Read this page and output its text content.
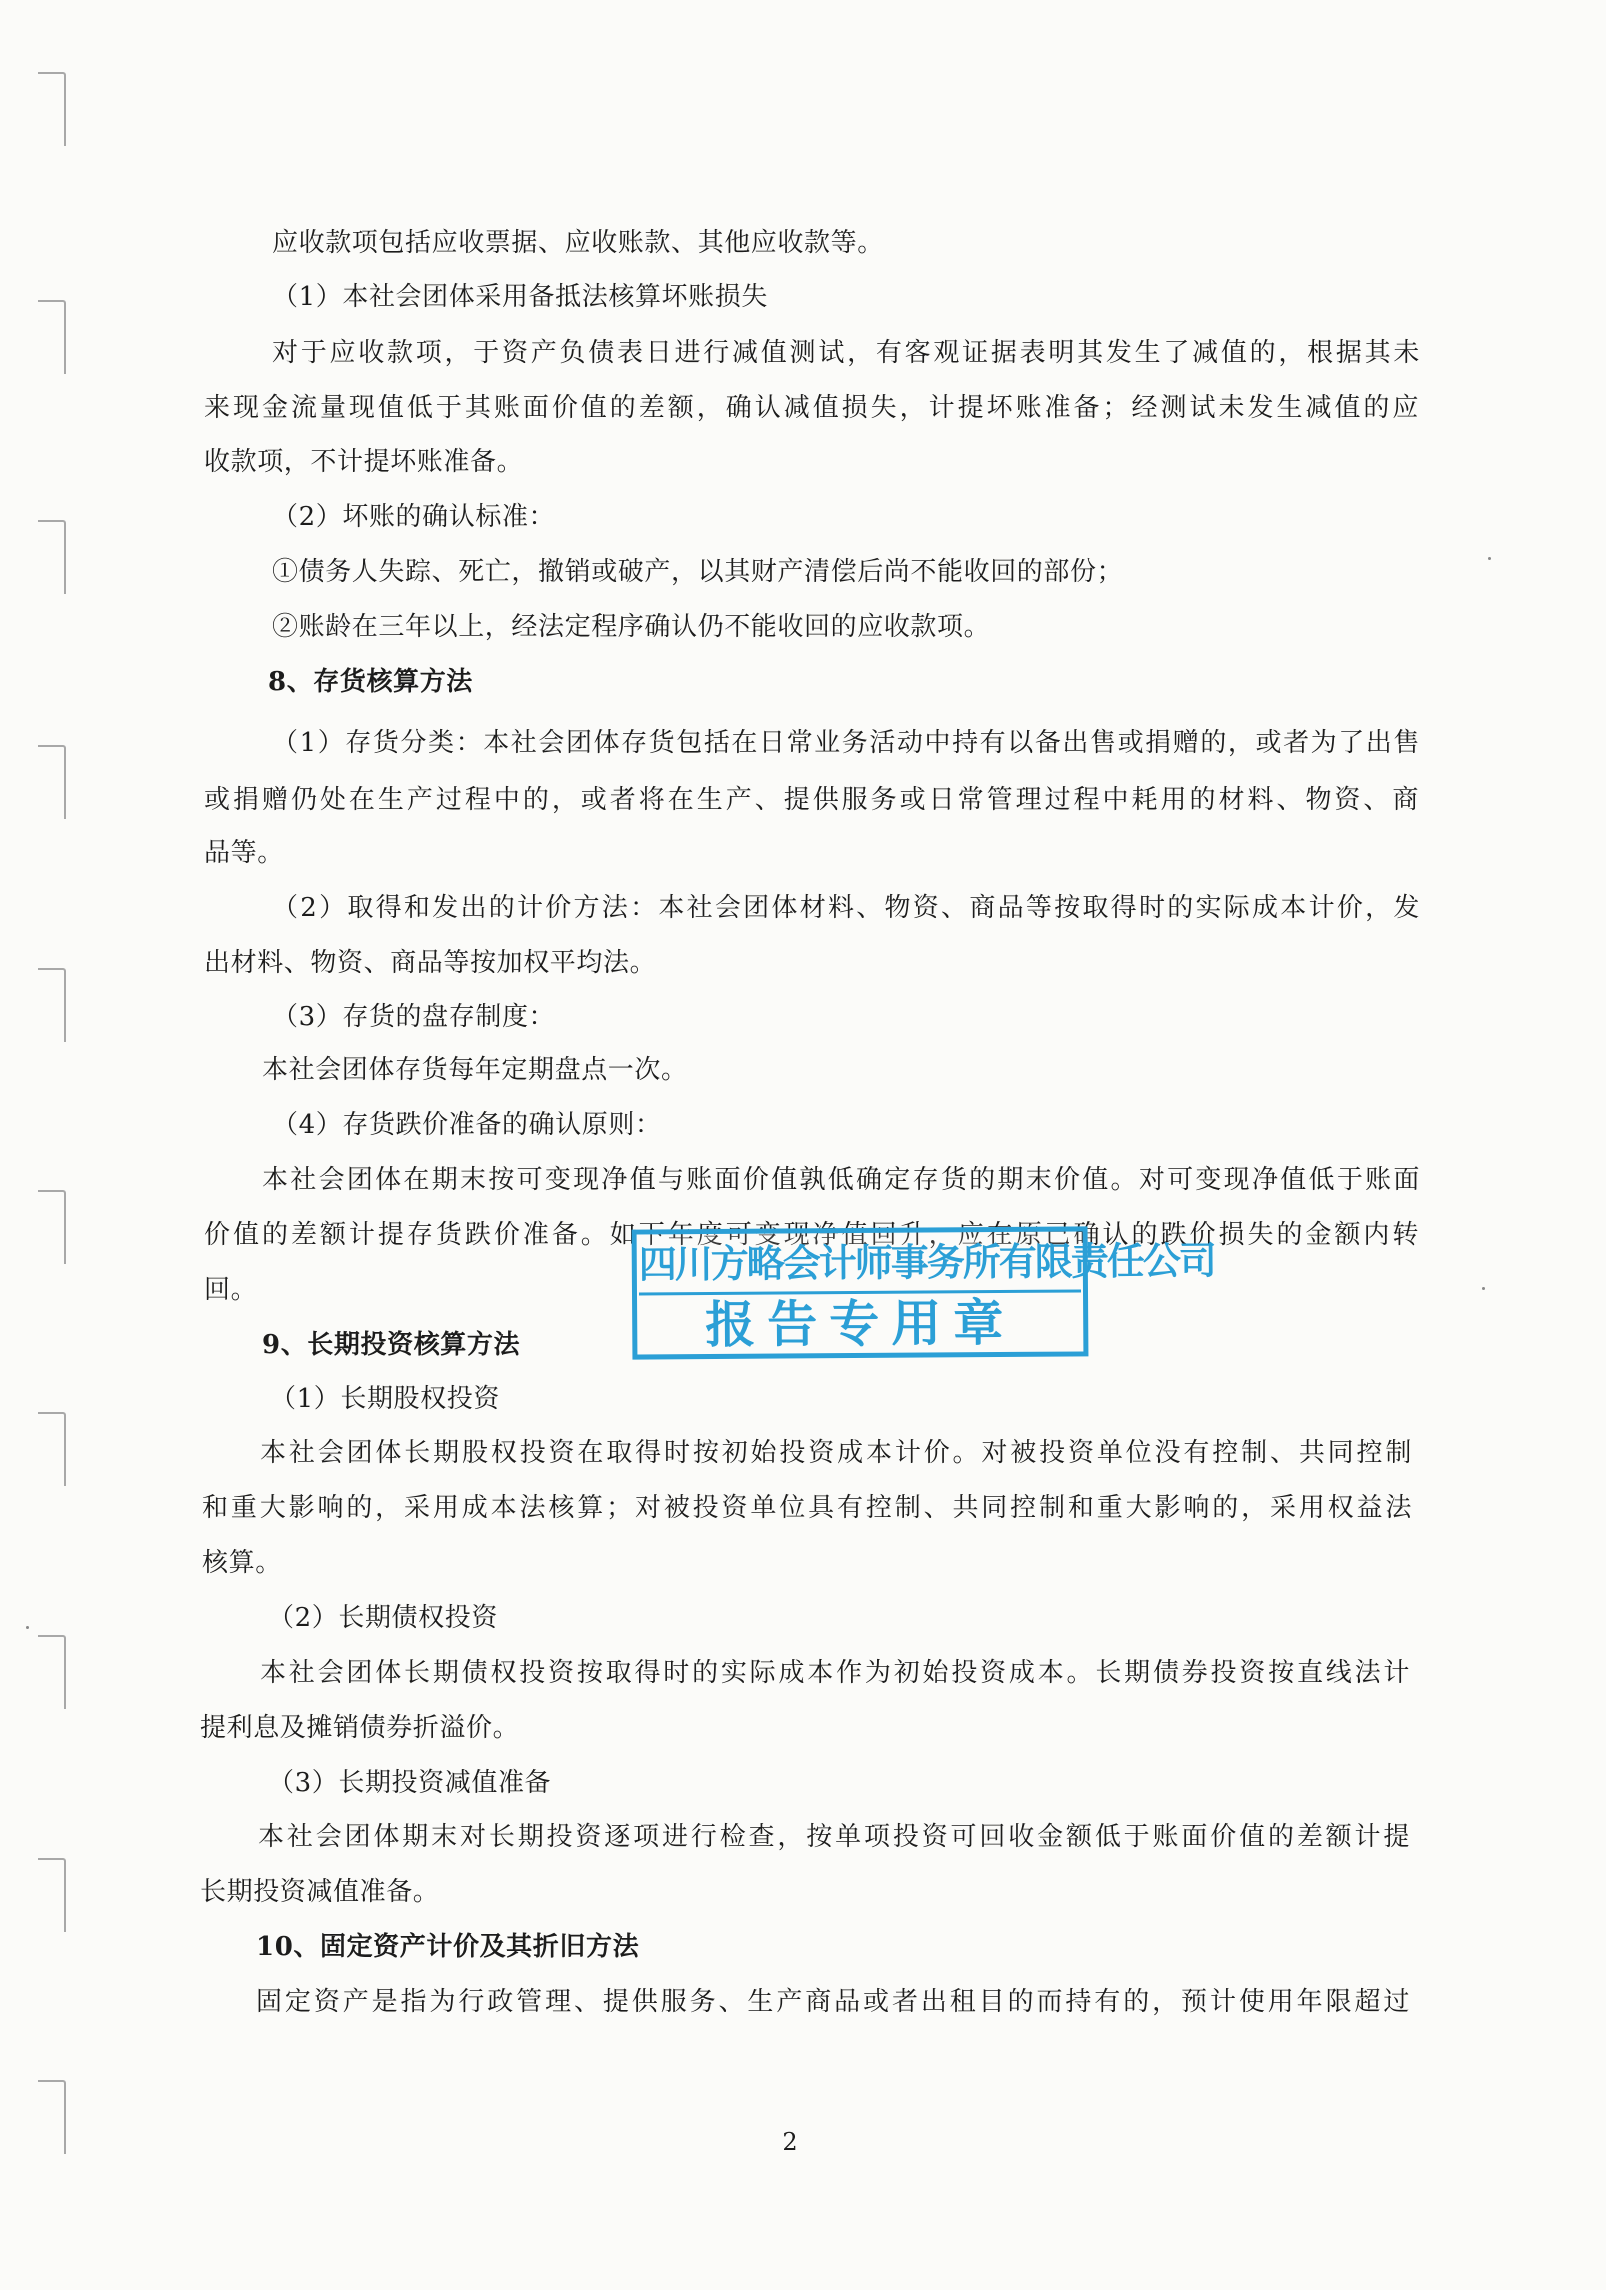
应收款项包括应收票据、应收账款、其他应收款等。
（1）本社会团体采用备抵法核算坏账损失
对于应收款项，于资产负债表日进行减值测试，有客观证据表明其发生了减值的，根据其未
来现金流量现值低于其账面价值的差额，确认减值损失，计提坏账准备；经测试未发生减值的应
收款项，不计提坏账准备。
（2）坏账的确认标准：
①债务人失踪、死亡，撤销或破产，以其财产清偿后尚不能收回的部份；
②账龄在三年以上，经法定程序确认仍不能收回的应收款项。
8、存货核算方法
（1）存货分类：本社会团体存货包括在日常业务活动中持有以备出售或捐赠的，或者为了出售
或捐赠仍处在生产过程中的，或者将在生产、提供服务或日常管理过程中耗用的材料、物资、商
品等。
（2）取得和发出的计价方法：本社会团体材料、物资、商品等按取得时的实际成本计价，发
出材料、物资、商品等按加权平均法。
（3）存货的盘存制度：
本社会团体存货每年定期盘点一次。
（4）存货跌价准备的确认原则：
本社会团体在期末按可变现净值与账面价值孰低确定存货的期末价值。对可变现净值低于账面
价值的差额计提存货跌价准备。如下年度可变现净值回升，应在原已确认的跌价损失的金额内转
回。
9、长期投资核算方法
（1）长期股权投资
本社会团体长期股权投资在取得时按初始投资成本计价。对被投资单位没有控制、共同控制
和重大影响的，采用成本法核算；对被投资单位具有控制、共同控制和重大影响的，采用权益法
核算。
（2）长期债权投资
本社会团体长期债权投资按取得时的实际成本作为初始投资成本。长期债券投资按直线法计
提利息及摊销债券折溢价。
（3）长期投资减值准备
本社会团体期末对长期投资逐项进行检查，按单项投资可回收金额低于账面价值的差额计提
长期投资减值准备。
10、固定资产计价及其折旧方法
固定资产是指为行政管理、提供服务、生产商品或者出租目的而持有的，预计使用年限超过
四川方略会计师事务所有限责任公司
报告专用章
2
